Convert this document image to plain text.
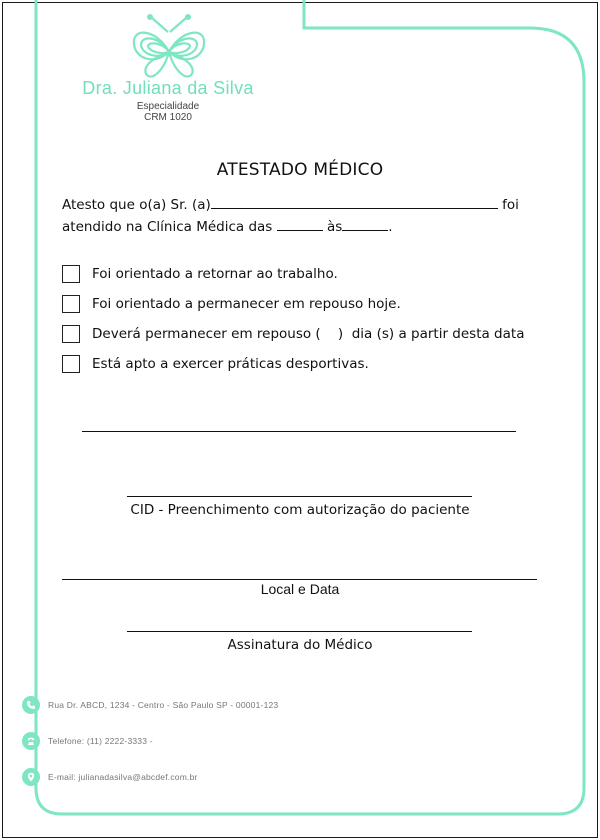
Dra. Juliana da Silva
Especialidade
CRM 1020
ATESTADO MÉDICO
Atesto que o(a) Sr. (a)	foi
atendido na Clínica Médica das	às	.
Foi orientado a retornar ao trabalho.
Foi orientado a permanecer em repouso hoje.
Deverá permanecer em repouso (    )  dia (s) a partir desta data
Está apto a exercer práticas desportivas.
CID - Preenchimento com autorização do paciente
Local e Data
Assinatura do Médico
Rua Dr. ABCD, 1234 - Centro - São Paulo SP - 00001-123
Telefone: (11) 2222-3333 -
E-mail: julianadasilva@abcdef.com.br
